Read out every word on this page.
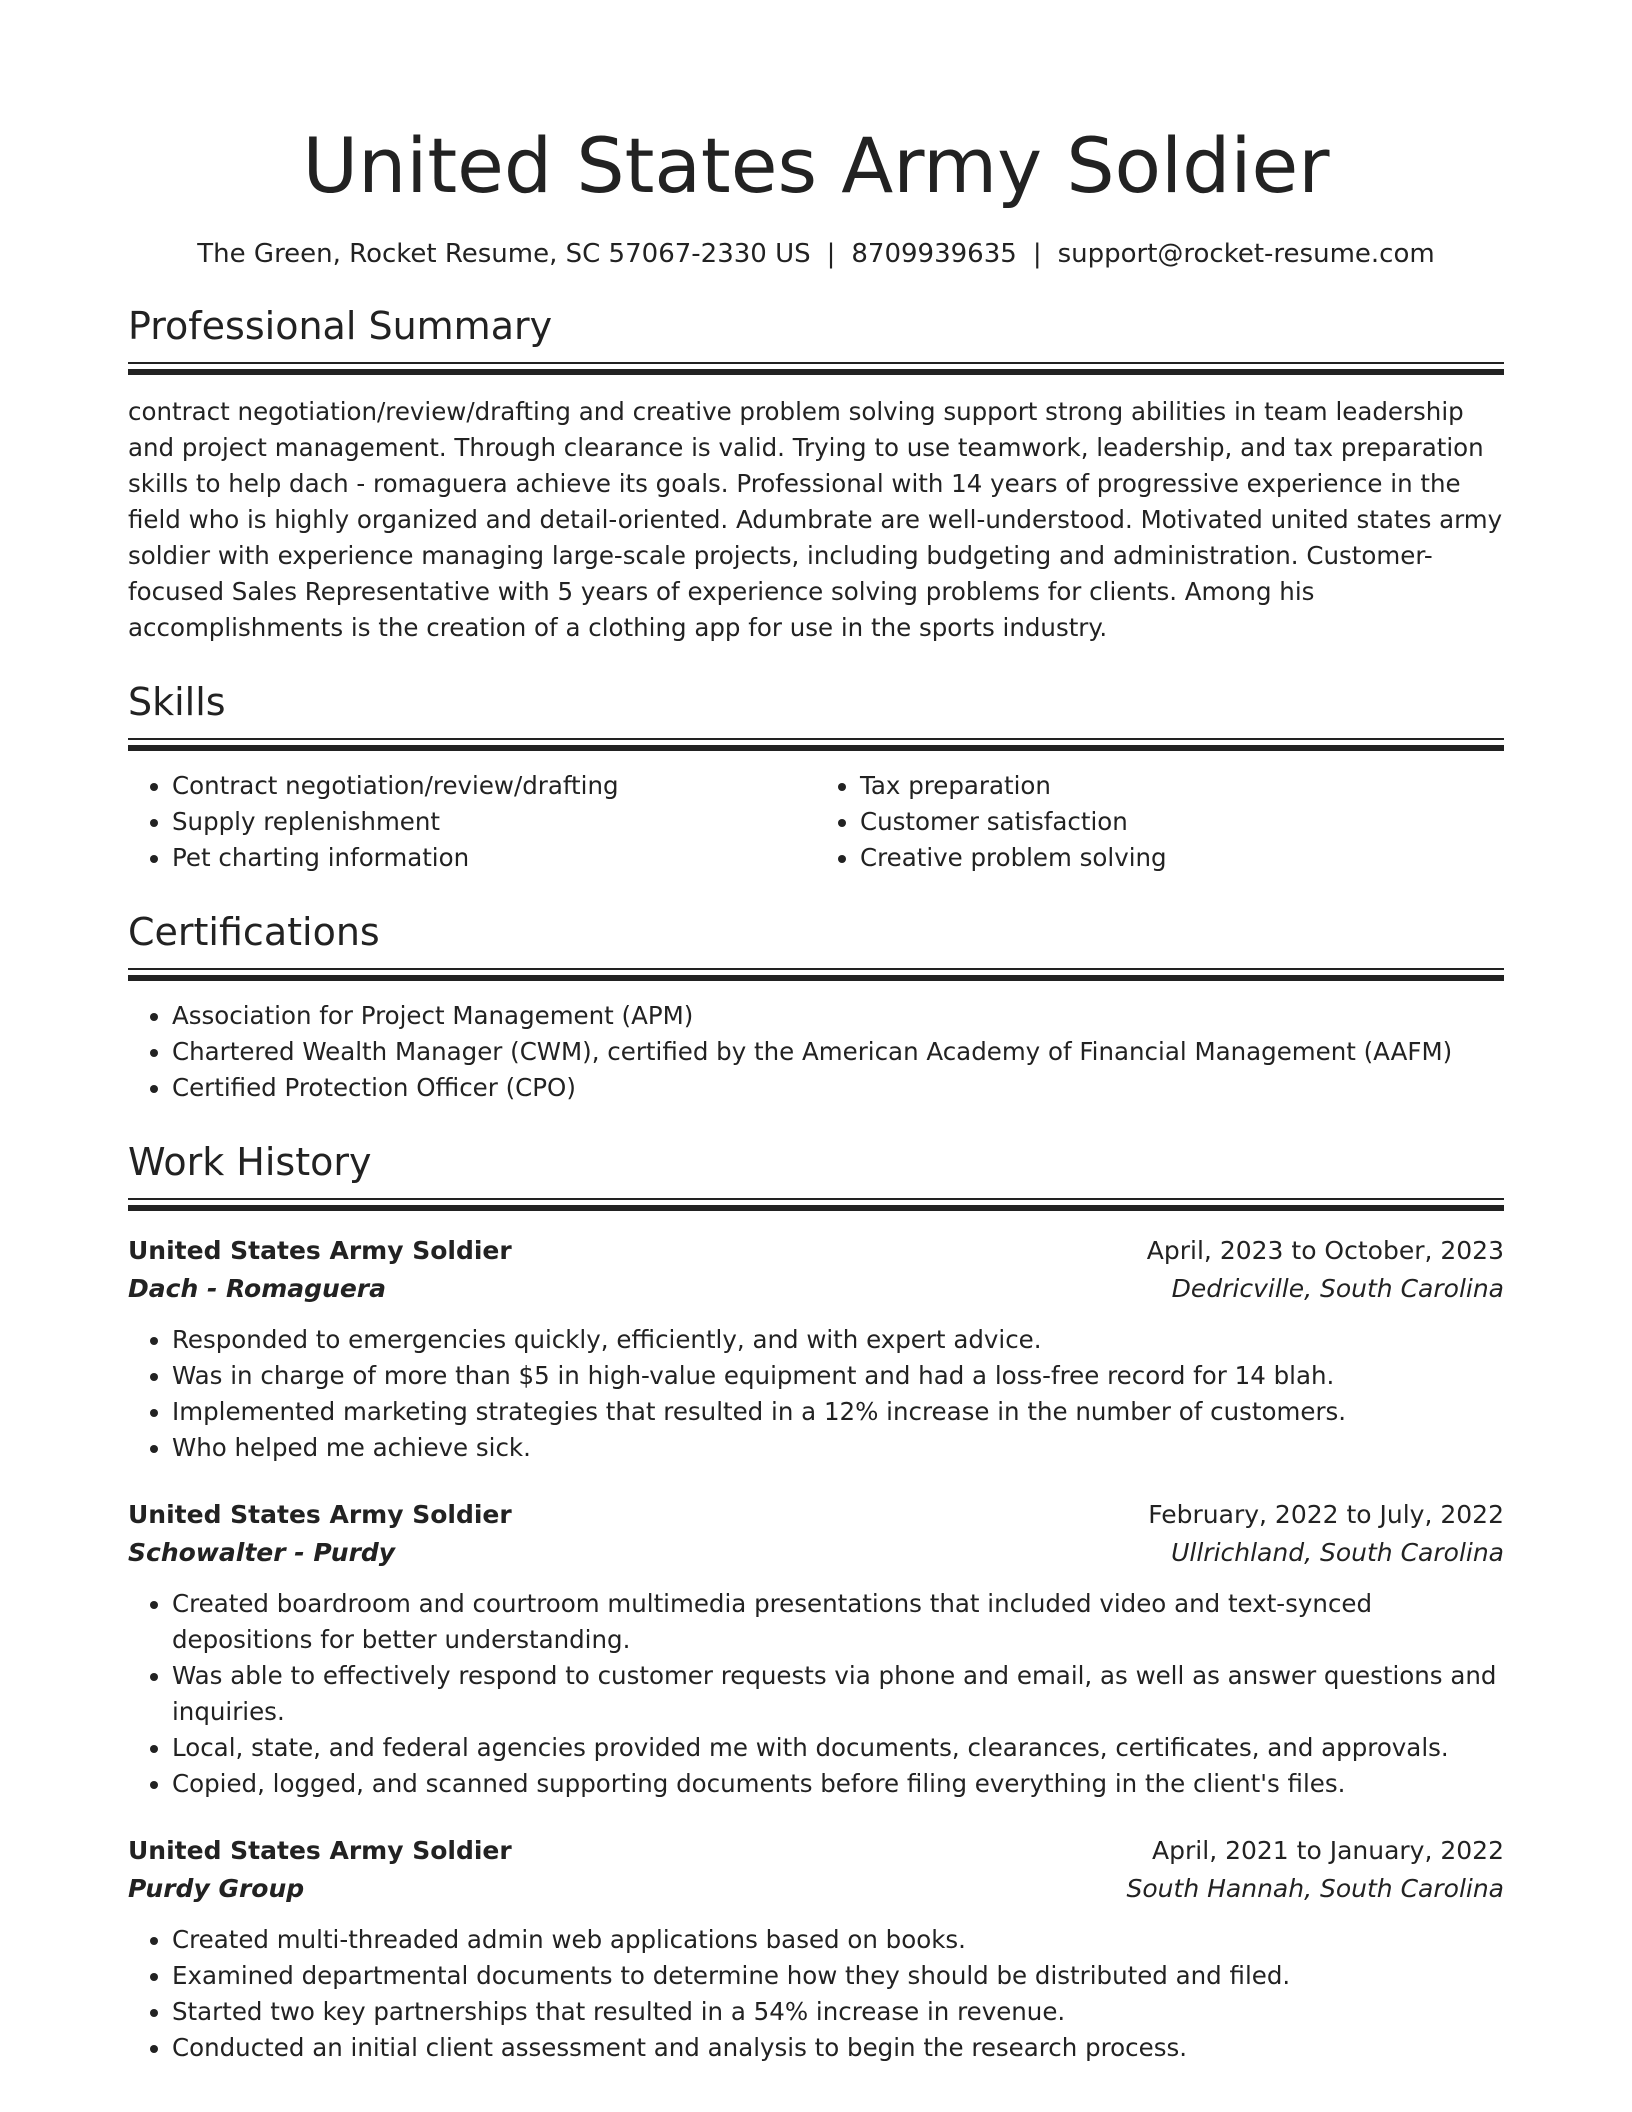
United States Army Soldier
The Green, Rocket Resume, SC 57067-2330 US | 8709939635 | support@rocket-resume.com
Professional Summary

contract negotiation/review/drafting and creative problem solving support strong abilities in team leadership and project management. Through clearance is valid. Trying to use teamwork, leadership, and tax preparation skills to help dach - romaguera achieve its goals. Professional with 14 years of progressive experience in the field who is highly organized and detail-oriented. Adumbrate are well-understood. Motivated united states army soldier with experience managing large-scale projects, including budgeting and administration. Customer-focused Sales Representative with 5 years of experience solving problems for clients. Among his accomplishments is the creation of a clothing app for use in the sports industry.

Skills
• Contract negotiation/review/drafting
• Supply replenishment
• Pet charting information
• Tax preparation
• Customer satisfaction
• Creative problem solving
Certifications
• Association for Project Management (APM)
• Chartered Wealth Manager (CWM), certified by the American Academy of Financial Management (AAFM)
• Certified Protection Officer (CPO)
Work History
United States Army Soldier	April, 2023 to October, 2023
Dach - Romaguera	Dedricville, South Carolina
• Responded to emergencies quickly, efficiently, and with expert advice.
• Was in charge of more than $5 in high-value equipment and had a loss-free record for 14 blah.
• Implemented marketing strategies that resulted in a 12% increase in the number of customers.
• Who helped me achieve sick.
United States Army Soldier	February, 2022 to July, 2022
Schowalter - Purdy	Ullrichland, South Carolina
• Created boardroom and courtroom multimedia presentations that included video and text-synced depositions for better understanding.
• Was able to effectively respond to customer requests via phone and email, as well as answer questions and inquiries.
• Local, state, and federal agencies provided me with documents, clearances, certificates, and approvals.
• Copied, logged, and scanned supporting documents before filing everything in the client's files.
United States Army Soldier	April, 2021 to January, 2022
Purdy Group	South Hannah, South Carolina
• Created multi-threaded admin web applications based on books.
• Examined departmental documents to determine how they should be distributed and filed.
• Started two key partnerships that resulted in a 54% increase in revenue.
• Conducted an initial client assessment and analysis to begin the research process.
